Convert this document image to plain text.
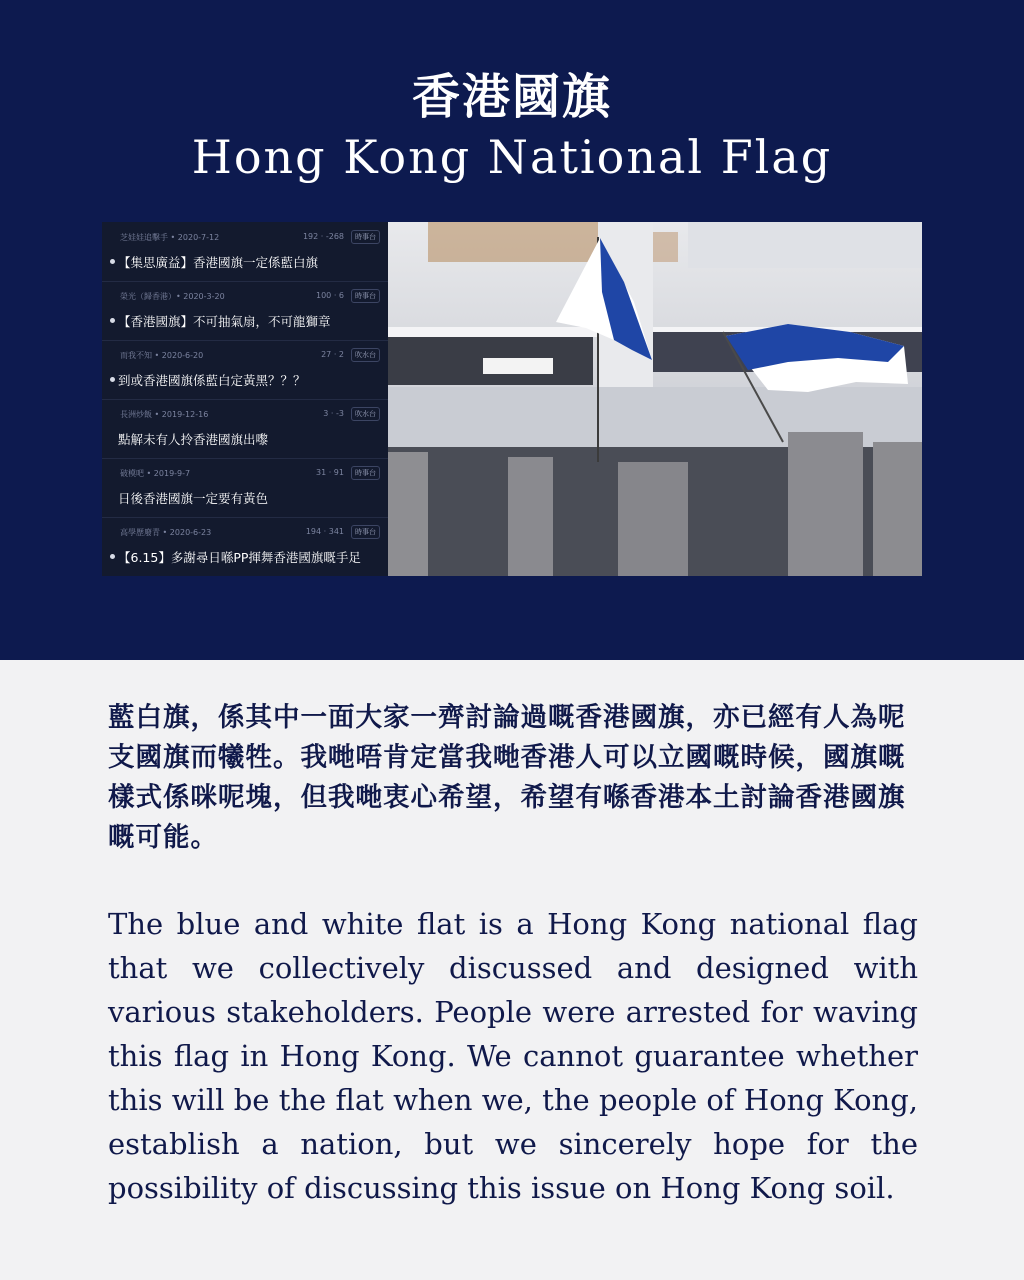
香港國旗
Hong Kong National Flag
芝娃娃追擊手 • 2020-7-12	192 · -268	時事台
【集思廣益】香港國旗一定係藍白旗
榮光（歸香港）• 2020-3-20	100 · 6	時事台
【香港國旗】不可抽氣扇，不可龍獅章
而我不知 • 2020-6-20	27 · 2	吹水台
到或香港國旗係藍白定黃黑？？？
長洲炒飯 • 2019-12-16	3 · -3	吹水台
點解未有人拎香港國旗出嚟
破模吧 • 2019-9-7	31 · 91	時事台
日後香港國旗一定要有黃色
高學歷廢青 • 2020-6-23	194 · 341	時事台
【6.15】多謝尋日喺PP揮舞香港國旗嘅手足
藍白旗，係其中一面大家一齊討論過嘅香港國旗，亦已經有人為呢支國旗而犧牲。我哋唔肯定當我哋香港人可以立國嘅時候，國旗嘅樣式係咪呢塊，但我哋衷心希望，希望有喺香港本土討論香港國旗嘅可能。
The blue and white flat is a Hong Kong national flag that we collectively discussed and designed with various stakeholders. People were arrested for waving this flag in Hong Kong. We cannot guarantee whether this will be the flat when we, the people of Hong Kong, establish a nation, but we sincerely hope for the possibility of discussing this issue on Hong Kong soil.
